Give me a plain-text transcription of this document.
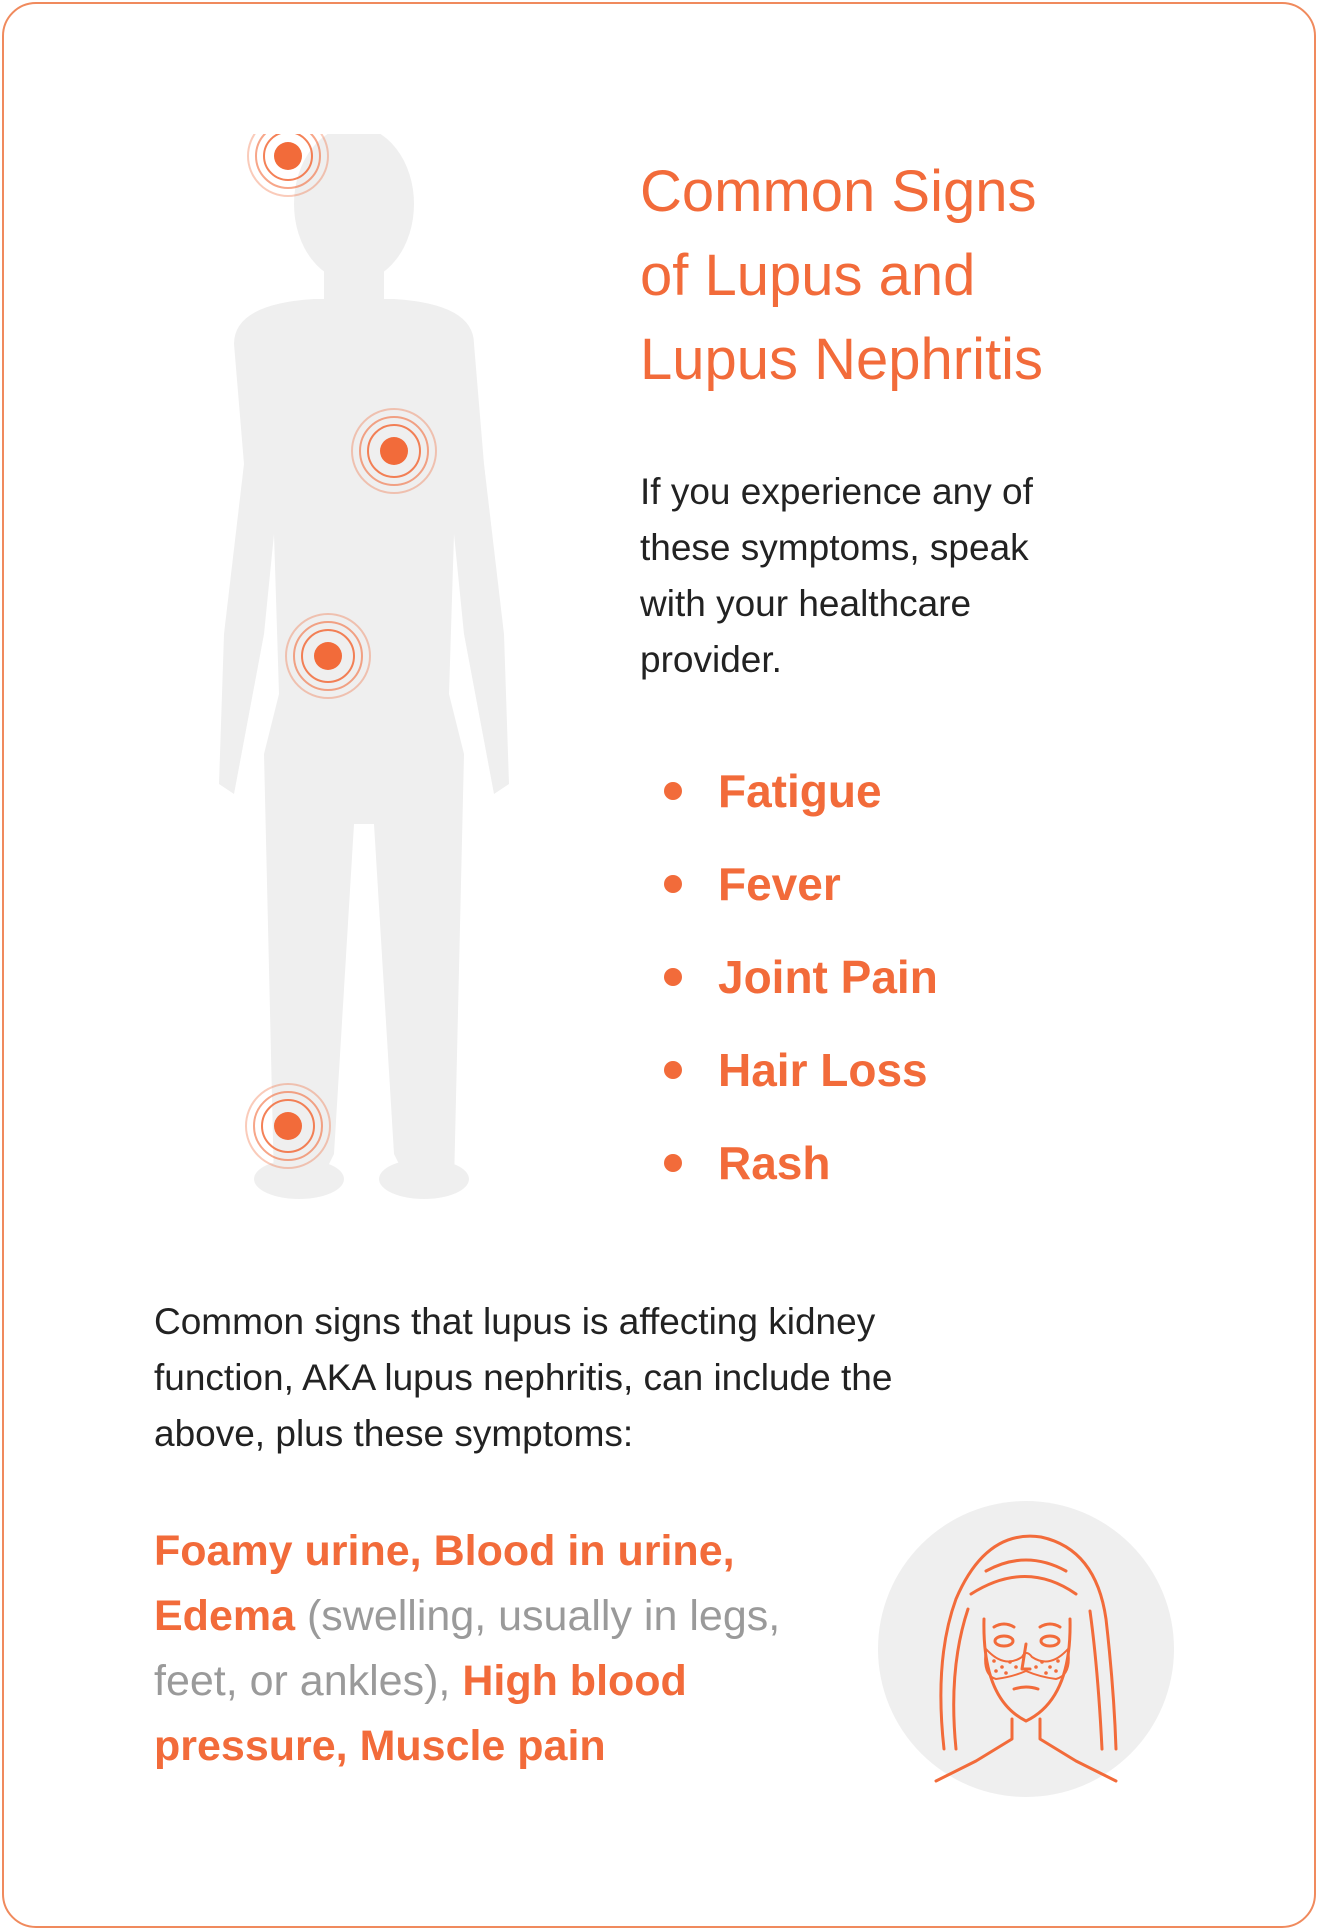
Common Signs
of Lupus and
Lupus Nephritis

If you experience any of
these symptoms, speak
with your healthcare
provider.

Fatigue
Fever
Joint Pain
Hair Loss
Rash

Common signs that lupus is affecting kidney
function, AKA lupus nephritis, can include the
above, plus these symptoms:

Foamy urine, Blood in urine, Edema (swelling, usually in legs, feet, or ankles), High blood pressure, Muscle pain
